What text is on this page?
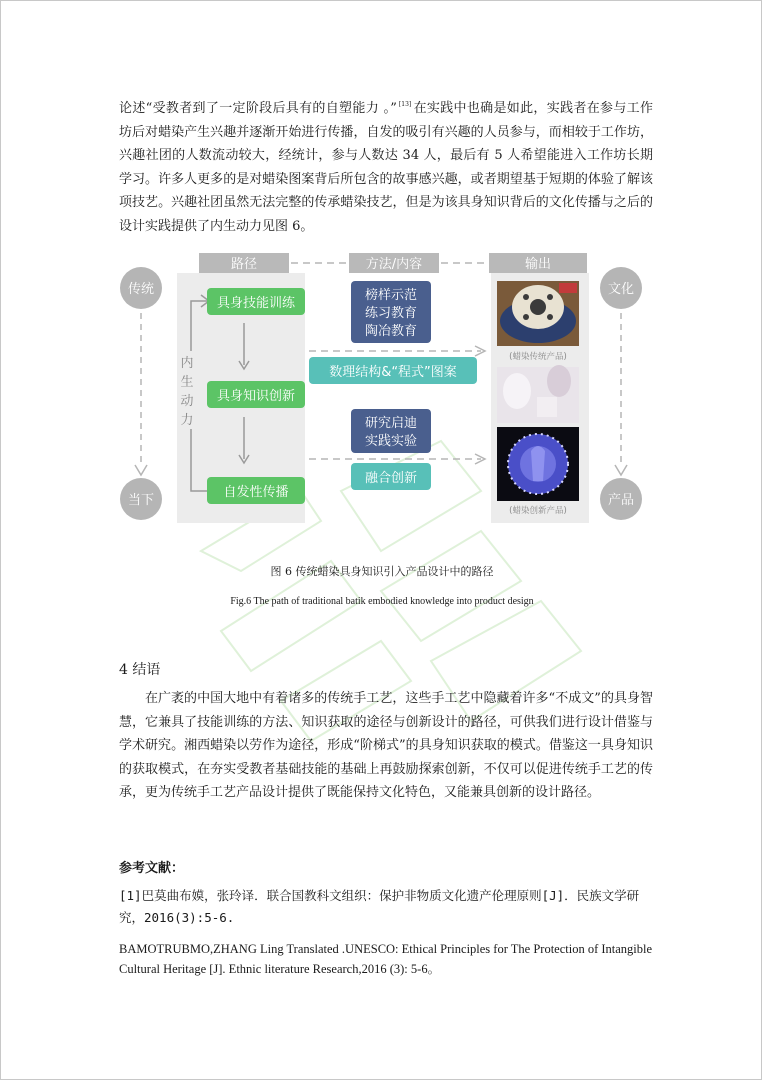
论述“受教者到了一定阶段后具有的自塑能力 。” [13] 在实践中也确是如此，实践者在参与工作坊后对蜡染产生兴趣并逐渐开始进行传播，自发的吸引有兴趣的人员参与，而相较于工作坊，兴趣社团的人数流动较大，经统计，参与人数达 34 人，最后有 5 人希望能进入工作坊长期学习。许多人更多的是对蜡染图案背后所包含的故事感兴趣，或者期望基于短期的体验了解该项技艺。兴趣社团虽然无法完整的传承蜡染技艺，但是为该具身知识背后的文化传播与之后的设计实践提供了内生动力见图 6。
路径	方法/内容	输出
传统
当下
文化
产品
内
生
动
力
具身技能训练
具身知识创新
自发性传播
榜样示范
练习教育
陶冶教育
数理结构&“程式”图案
研究启迪
实践实验
融合创新
(蜡染传统产品)
(蜡染创新产品)
图 6 传统蜡染具身知识引入产品设计中的路径
Fig.6 The path of traditional batik embodied knowledge into product design
4 结语
在广袤的中国大地中有着诸多的传统手工艺，这些手工艺中隐藏着许多“不成文”的具身智慧，它兼具了技能训练的方法、知识获取的途径与创新设计的路径，可供我们进行设计借鉴与学术研究。湘西蜡染以劳作为途径，形成“阶梯式”的具身知识获取的模式。借鉴这一具身知识的获取模式，在夯实受教者基础技能的基础上再鼓励探索创新，不仅可以促进传统手工艺的传承，更为传统手工艺产品设计提供了既能保持文化特色，又能兼具创新的设计路径。
参考文献：
[1]巴莫曲布嫫，张玲译．联合国教科文组织：保护非物质文化遗产伦理原则[J]．民族文学研究，2016(3):5-6.
BAMOTRUBMO,ZHANG Ling Translated .UNESCO: Ethical Principles for The Protection of Intangible Cultural Heritage [J]. Ethnic literature Research,2016 (3): 5-6。
